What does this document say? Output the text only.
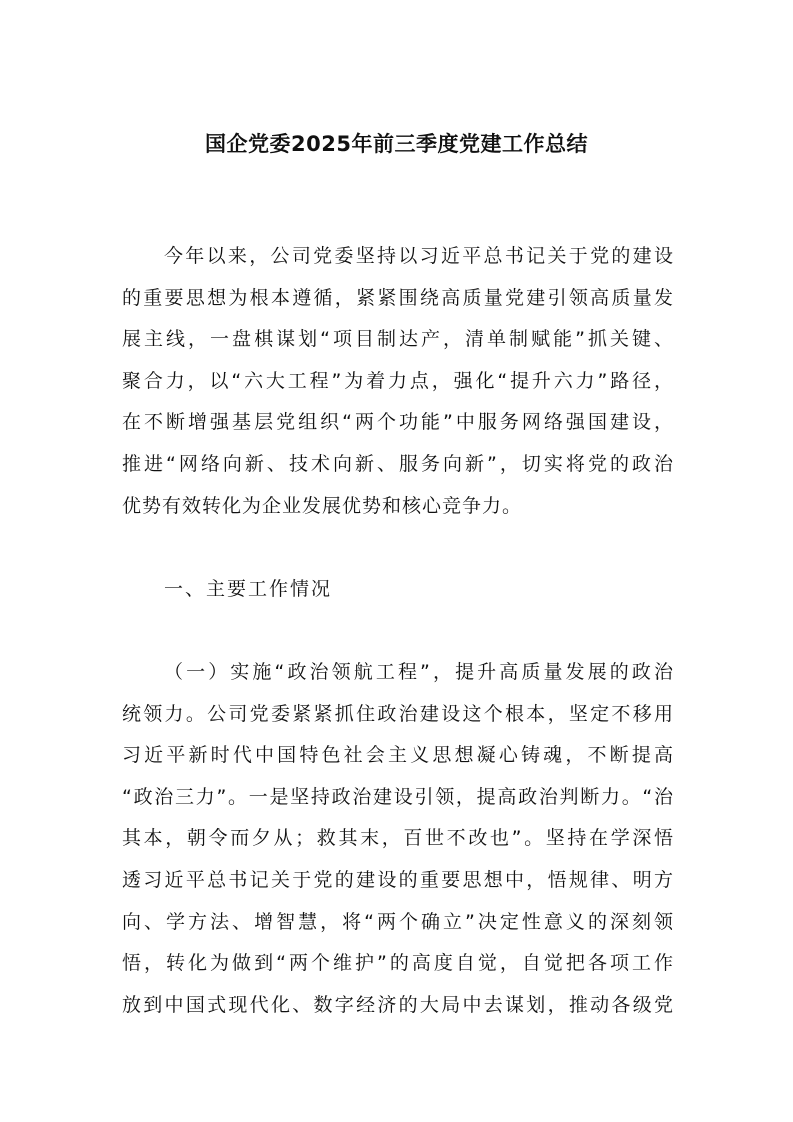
国企党委2025年前三季度党建工作总结
今年以来，公司党委坚持以习近平总书记关于党的建设
的重要思想为根本遵循，紧紧围绕高质量党建引领高质量发
展主线，一盘棋谋划“项目制达产，清单制赋能”抓关键、
聚合力，以“六大工程”为着力点，强化“提升六力”路径，
在不断增强基层党组织“两个功能”中服务网络强国建设，
推进“网络向新、技术向新、服务向新”，切实将党的政治
优势有效转化为企业发展优势和核心竞争力。
一、主要工作情况
（一）实施“政治领航工程”，提升高质量发展的政治
统领力。公司党委紧紧抓住政治建设这个根本，坚定不移用
习近平新时代中国特色社会主义思想凝心铸魂，不断提高
“政治三力”。一是坚持政治建设引领，提高政治判断力。“治
其本，朝令而夕从；救其末，百世不改也”。坚持在学深悟
透习近平总书记关于党的建设的重要思想中，悟规律、明方
向、学方法、增智慧，将“两个确立”决定性意义的深刻领
悟，转化为做到“两个维护”的高度自觉，自觉把各项工作
放到中国式现代化、数字经济的大局中去谋划，推动各级党
